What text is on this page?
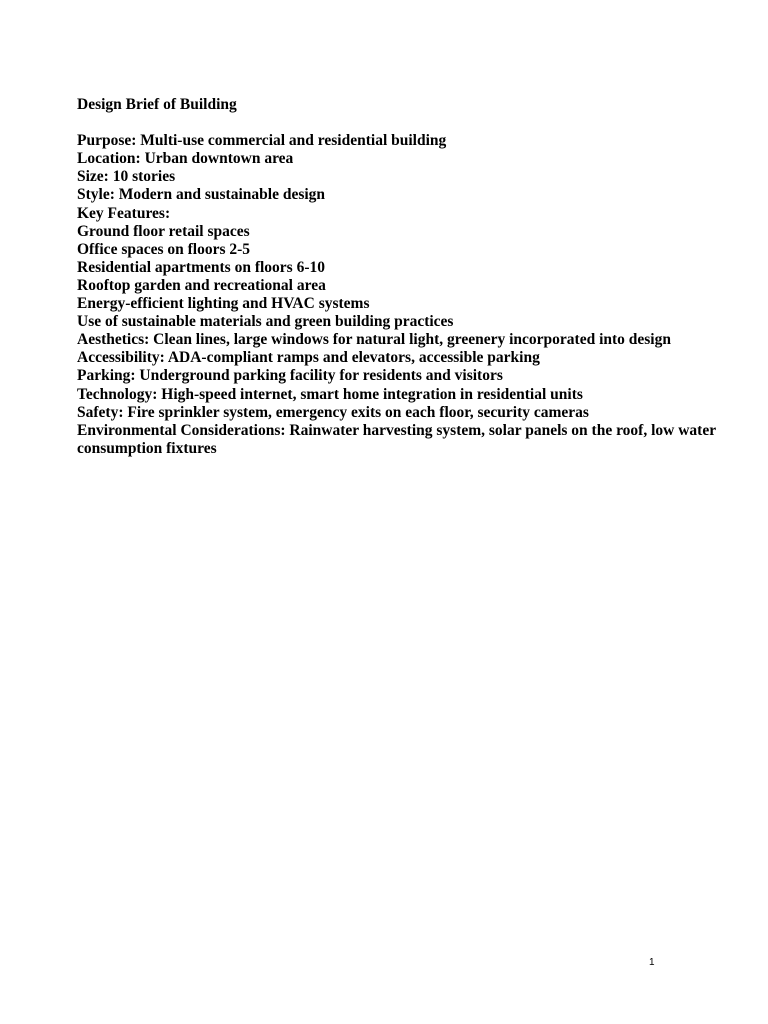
Design Brief of Building

Purpose: Multi-use commercial and residential building

Location: Urban downtown area

Size: 10 stories

Style: Modern and sustainable design

Key Features:

Ground floor retail spaces

Office spaces on floors 2-5

Residential apartments on floors 6-10

Rooftop garden and recreational area

Energy-efficient lighting and HVAC systems

Use of sustainable materials and green building practices

Aesthetics: Clean lines, large windows for natural light, greenery incorporated into design

Accessibility: ADA-compliant ramps and elevators, accessible parking

Parking: Underground parking facility for residents and visitors

Technology: High-speed internet, smart home integration in residential units

Safety: Fire sprinkler system, emergency exits on each floor, security cameras

Environmental Considerations: Rainwater harvesting system, solar panels on the roof, low water consumption fixtures

1
